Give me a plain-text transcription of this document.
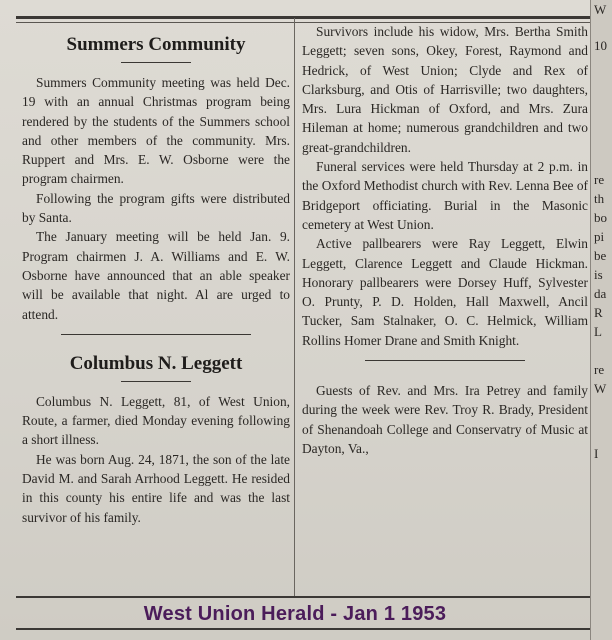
Summers Community

Summers Community meeting was held Dec. 19 with an annual Christmas program being rendered by the students of the Summers school and other members of the community. Mrs. Ruppert and Mrs. E. W. Osborne were the program chairmen.

Following the program gifts were distributed by Santa.

The January meeting will be held Jan. 9. Program chairmen J. A. Williams and E. W. Osborne have announced that an able speaker will be available that night. Al are urged to attend.

Columbus N. Leggett

Columbus N. Leggett, 81, of West Union, Route, a farmer, died Monday evening following a short illness.

He was born Aug. 24, 1871, the son of the late David M. and Sarah Arrhood Leggett. He resided in this county his entire life and was the last survivor of his family.

Survivors include his widow, Mrs. Bertha Smith Leggett; seven sons, Okey, Forest, Raymond and Hedrick, of West Union; Clyde and Rex of Clarksburg, and Otis of Harrisville; two daughters, Mrs. Lura Hickman of Oxford, and Mrs. Zura Hileman at home; numerous grandchildren and two great-grandchildren.

Funeral services were held Thursday at 2 p.m. in the Oxford Methodist church with Rev. Lenna Bee of Bridgeport officiating. Burial in the Masonic cemetery at West Union.

Active pallbearers were Ray Leggett, Elwin Leggett, Clarence Leggett and Claude Hickman. Honorary pallbearers were Dorsey Huff, Sylvester O. Prunty, P. D. Holden, Hall Maxwell, Ancil Tucker, Sam Stalnaker, O. C. Helmick, William Rollins Homer Drane and Smith Knight.

Guests of Rev. and Mrs. Ira Petrey and family during the week were Rev. Troy R. Brady, President of Shenandoah College and Conservatry of Music at Dayton, Va.,

W
10
re
th
bo
pi
be
is
da
R
L
re
W
I
West Union Herald - Jan 1 1953
